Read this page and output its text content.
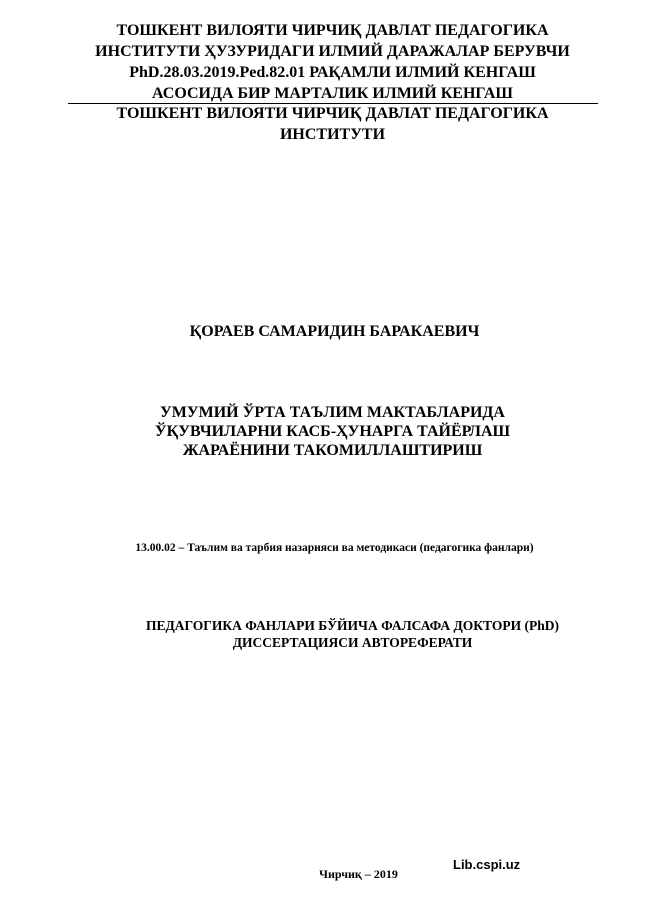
ТОШКЕНТ ВИЛОЯТИ ЧИРЧИҚ ДАВЛАТ ПЕДАГОГИКА
ИНСТИТУТИ ҲУЗУРИДАГИ ИЛМИЙ ДАРАЖАЛАР БЕРУВЧИ
PhD.28.03.2019.Ped.82.01 РАҚАМЛИ ИЛМИЙ КЕНГАШ
АСОСИДА БИР МАРТАЛИК ИЛМИЙ КЕНГАШ
ТОШКЕНТ ВИЛОЯТИ ЧИРЧИҚ ДАВЛАТ ПЕДАГОГИКА
ИНСТИТУТИ
ҚОРАЕВ САМАРИДИН БАРАКАЕВИЧ
УМУМИЙ ЎРТА ТАЪЛИМ МАКТАБЛАРИДА
ЎҚУВЧИЛАРНИ КАСБ-ҲУНАРГА ТАЙЁРЛАШ
ЖАРАЁНИНИ ТАКОМИЛЛАШТИРИШ
13.00.02 – Таълим ва тарбия назарияси ва методикаси (педагогика фанлари)
ПЕДАГОГИКА ФАНЛАРИ БЎЙИЧА ФАЛСАФА ДОКТОРИ (PhD)
ДИССЕРТАЦИЯСИ АВТОРЕФЕРАТИ
Lib.cspi.uz
Чирчиқ – 2019
